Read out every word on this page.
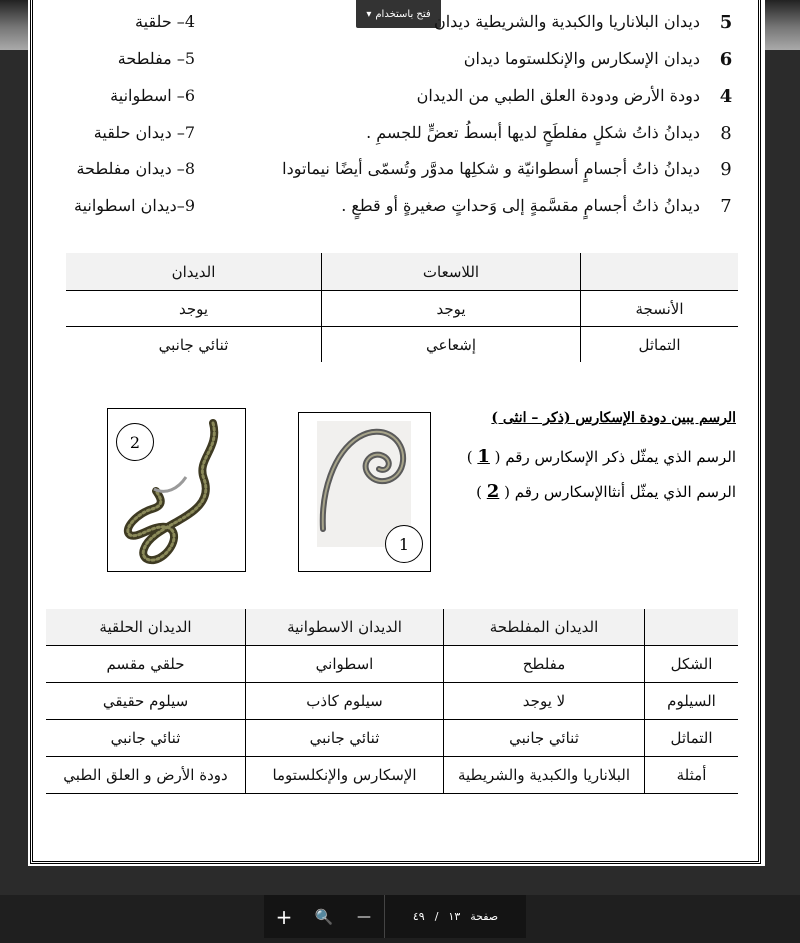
فتح باستخدام
▾	5
ديدان البلاناريا والكبدية والشريطية ديدان
4– حلقية
6
ديدان الإسكارس والإنكلستوما ديدان
5– مفلطحة
4
دودة الأرض ودودة العلق الطبي من الديدان
6– اسطوانية
8
ديدانُ ذاتُ شكلٍ مفلطَحٍ لديها أبسطُ تعضٍّ للجسمِ .
7– ديدان حلقية
9
ديدانُ ذاتُ أجسامٍ أسطوانيّة و شكلِها مدوَّر وتُسمّى أيضًا نيماتودا
8– ديدان مفلطحة
7
ديدانُ ذاتُ أجسامٍ مقسَّمةٍ إلى وَحداتٍ صغيرةٍ أو قطعٍ .
9–ديدان اسطوانية
	اللاسعات	الديدان
الأنسجة	يوجد	يوجد
التماثل	إشعاعي	ثنائي جانبي
الرسم يبين دودة الإسكارس (ذكر – انثى )
الرسم الذي يمثّل ذكر الإسكارس رقم ( 1 )
الرسم الذي يمثّل أنثاالإسكارس رقم ( 2 )
2
1
	الديدان المفلطحة	الديدان الاسطوانية	الديدان الحلقية
الشكل	مفلطح	اسطواني	حلقي مقسم
السيلوم	لا يوجد	سيلوم كاذب	سيلوم حقيقي
التماثل	ثنائي جانبي	ثنائي جانبي	ثنائي جانبي
أمثلة	البلاناريا والكبدية والشريطية	الإسكارس والإنكلستوما	دودة الأرض و العلق الطبي
+ 🔍 —	صفحة
١٣
/
٤٩
